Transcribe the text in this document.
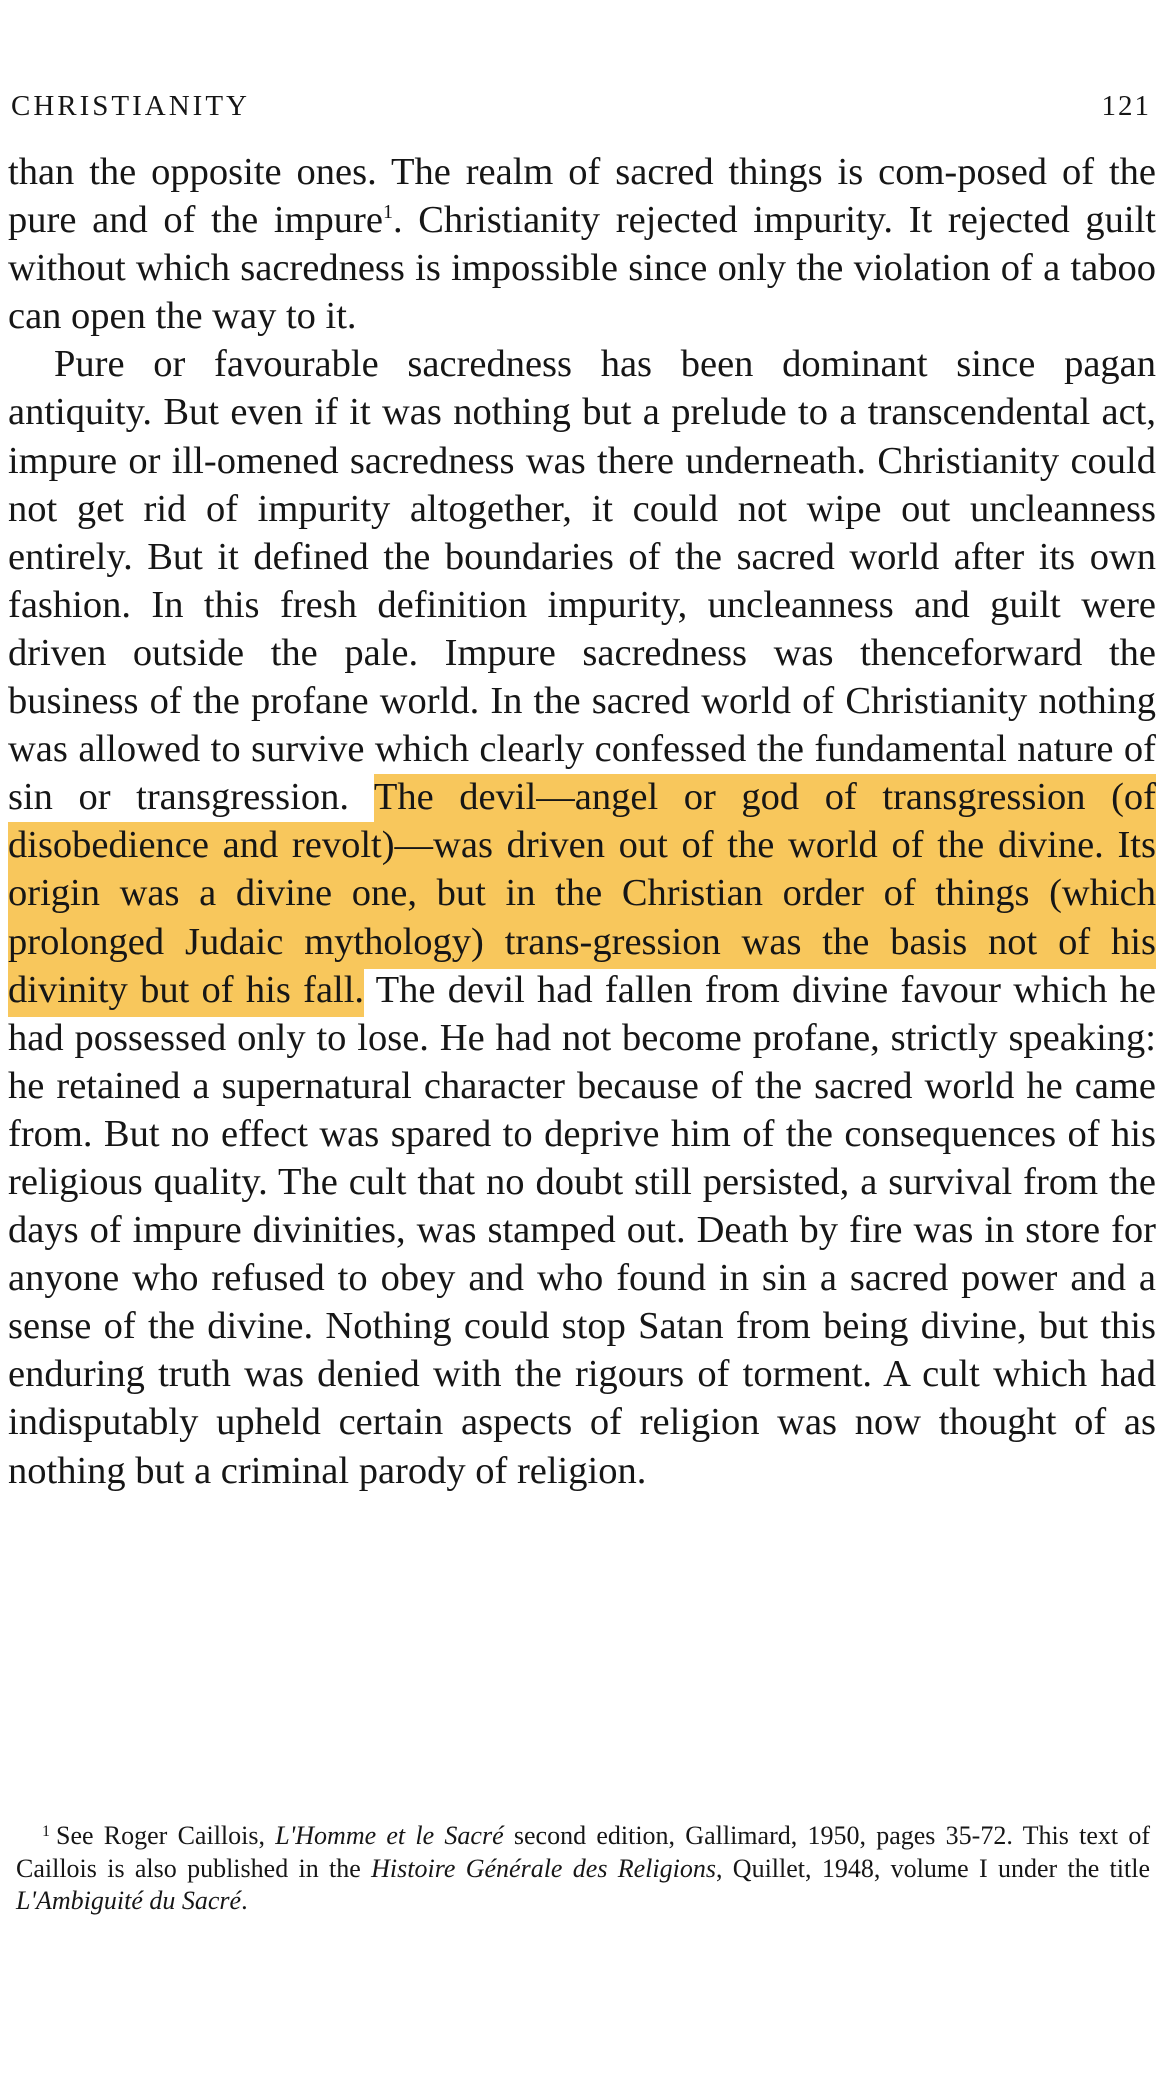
CHRISTIANITY	121

than the opposite ones. The realm of sacred things is com-posed of the pure and of the impure$^1$. Christianity rejected impurity. It rejected guilt without which sacredness is impossible since only the violation of a taboo can open the way to it.

Pure or favourable sacredness has been dominant since pagan antiquity. But even if it was nothing but a prelude to a transcendental act, impure or ill-omened sacredness was there underneath. Christianity could not get rid of impurity altogether, it could not wipe out uncleanness entirely. But it defined the boundaries of the sacred world after its own fashion. In this fresh definition impurity, uncleanness and guilt were driven outside the pale. Impure sacredness was thenceforward the business of the profane world. In the sacred world of Christianity nothing was allowed to survive which clearly confessed the fundamental nature of sin or transgression. The devil—angel or god of transgression (of disobedience and revolt)—was driven out of the world of the divine. Its origin was a divine one, but in the Christian order of things (which prolonged Judaic mythology) trans-gression was the basis not of his divinity but of his fall. The devil had fallen from divine favour which he had possessed only to lose. He had not become profane, strictly speaking: he retained a supernatural character because of the sacred world he came from. But no effect was spared to deprive him of the consequences of his religious quality. The cult that no doubt still persisted, a survival from the days of impure divinities, was stamped out. Death by fire was in store for anyone who refused to obey and who found in sin a sacred power and a sense of the divine. Nothing could stop Satan from being divine, but this enduring truth was denied with the rigours of torment. A cult which had indisputably upheld certain aspects of religion was now thought of as nothing but a criminal parody of religion.

$^1$ See Roger Caillois, L'Homme et le Sacré second edition, Gallimard, 1950, pages 35-72. This text of Caillois is also published in the Histoire Générale des Religions, Quillet, 1948, volume I under the title L'Ambiguité du Sacré.
